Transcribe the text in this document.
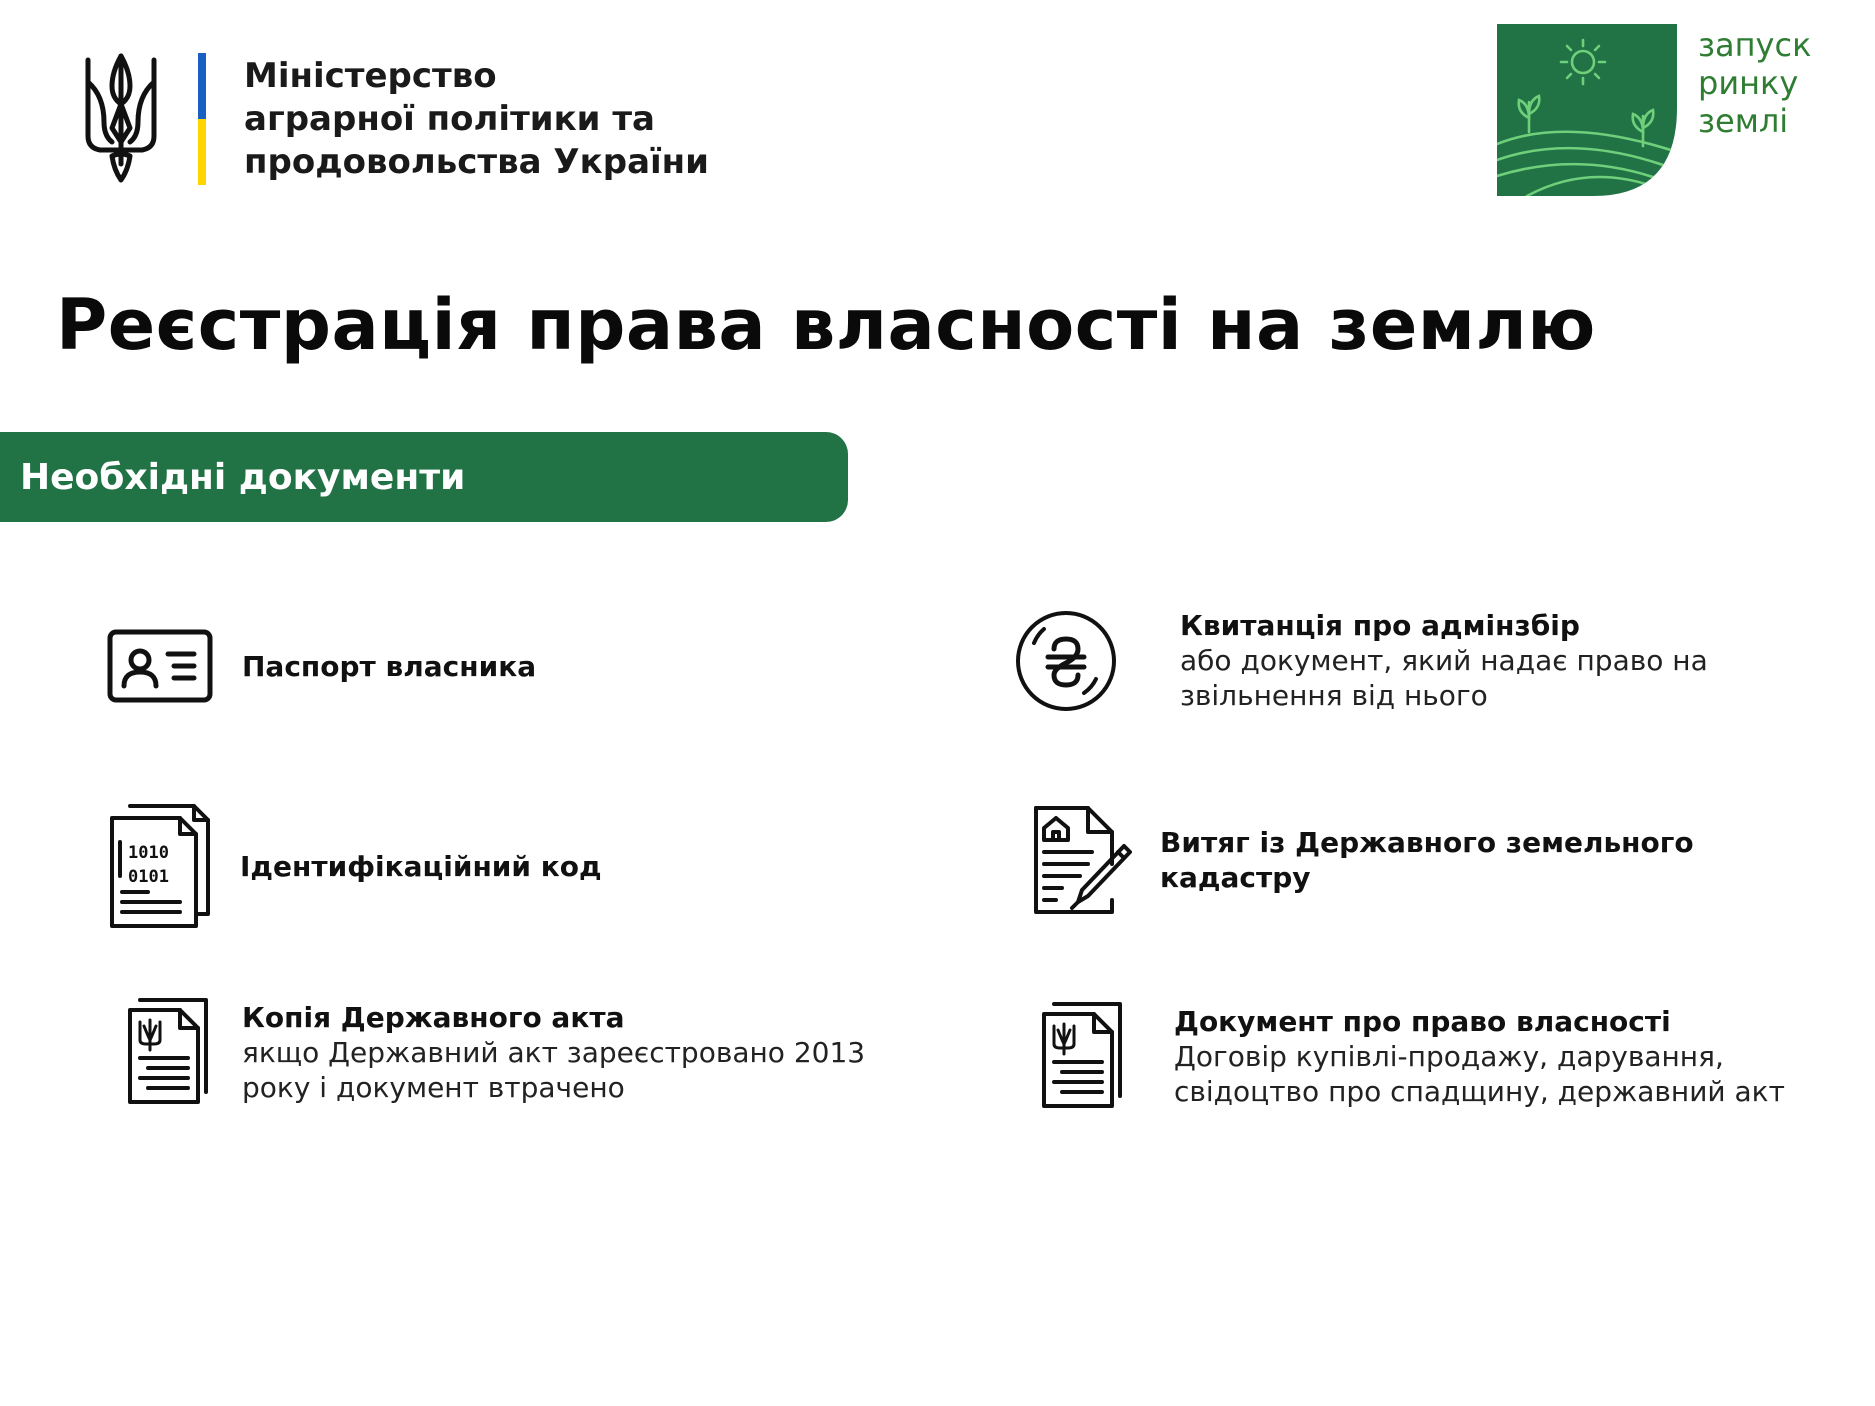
Міністерство
аграрної політики та
продовольства України
запуск
ринку
землі
Реєстрація права власності на землю
Необхідні документи
Паспорт власника
Квитанція про адмінзбір
або документ, який надає право на
звільнення від нього
1010
0101	Ідентифікаційний код
Витяг із Державного земельного
кадастру
Копія Державного акта
якщо Державний акт зареєстровано 2013
року і документ втрачено
Документ про право власності
Договір купівлі-продажу, дарування,
свідоцтво про спадщину, державний акт
